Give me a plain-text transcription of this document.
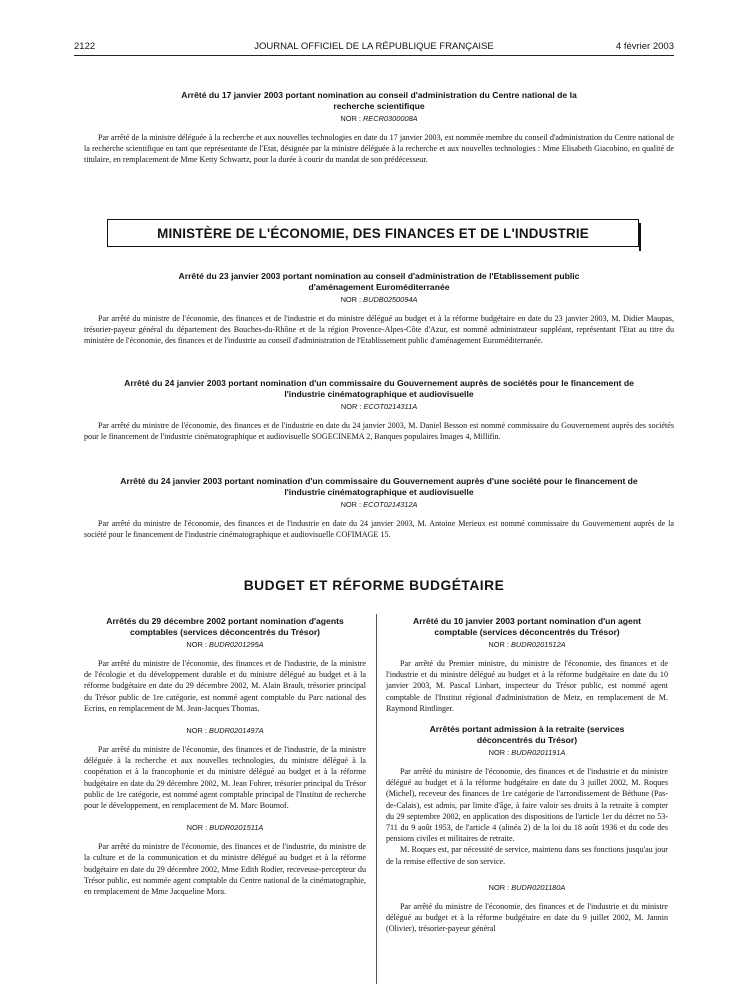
2122	JOURNAL OFFICIEL DE LA RÉPUBLIQUE FRANÇAISE	4 février 2003

Arrêté du 17 janvier 2003 portant nomination au conseil d'administration du Centre national de la recherche scientifique

NOR : RECR0300008A

Par arrêté de la ministre déléguée à la recherche et aux nouvelles technologies en date du 17 janvier 2003, est nommée membre du conseil d'administration du Centre national de la recherche scientifique en tant que représentante de l'Etat, désignée par la ministre déléguée à la recherche et aux nouvelles technologies : Mme Elisabeth Giacobino, en qualité de titulaire, en remplacement de Mme Ketty Schwartz, pour la durée à courir du mandat de son prédécesseur.

MINISTÈRE DE L'ÉCONOMIE, DES FINANCES ET DE L'INDUSTRIE

Arrêté du 23 janvier 2003 portant nomination au conseil d'administration de l'Etablissement public d'aménagement Euroméditerranée

NOR : BUDB0250094A

Par arrêté du ministre de l'économie, des finances et de l'industrie et du ministre délégué au budget et à la réforme budgétaire en date du 23 janvier 2003, M. Didier Maupas, trésorier-payeur général du département des Bouches-du-Rhône et de la région Provence-Alpes-Côte d'Azur, est nommé administrateur suppléant, représentant l'Etat au titre du ministère de l'économie, des finances et de l'industrie au conseil d'administration de l'Etablissement public d'aménagement Euroméditerranée.

Arrêté du 24 janvier 2003 portant nomination d'un commissaire du Gouvernement auprès de sociétés pour le financement de l'industrie cinématographique et audiovisuelle

NOR : ECOT0214311A

Par arrêté du ministre de l'économie, des finances et de l'industrie en date du 24 janvier 2003, M. Daniel Besson est nommé commissaire du Gouvernement auprès des sociétés pour le financement de l'industrie cinématographique et audiovisuelle SOGECINEMA 2, Banques populaires Images 4, Millifin.

Arrêté du 24 janvier 2003 portant nomination d'un commissaire du Gouvernement auprès d'une société pour le financement de l'industrie cinématographique et audiovisuelle

NOR : ECOT0214312A

Par arrêté du ministre de l'économie, des finances et de l'industrie en date du 24 janvier 2003, M. Antoine Merieux est nommé commissaire du Gouvernement auprès de la société pour le financement de l'industrie cinématographique et audiovisuelle COFIMAGE 15.

BUDGET ET RÉFORME BUDGÉTAIRE

Arrêtés du 29 décembre 2002 portant nomination d'agents comptables (services déconcentrés du Trésor)

NOR : BUDR0201295A

Par arrêté du ministre de l'économie, des finances et de l'industrie, de la ministre de l'écologie et du développement durable et du ministre délégué au budget et à la réforme budgétaire en date du 29 décembre 2002, M. Alain Brault, trésorier principal du Trésor public de 1re catégorie, est nommé agent comptable du Parc national des Ecrins, en remplacement de M. Jean-Jacques Thomas.

NOR : BUDR0201497A

Par arrêté du ministre de l'économie, des finances et de l'industrie, de la ministre déléguée à la recherche et aux nouvelles technologies, du ministre délégué à la coopération et à la francophonie et du ministre délégué au budget et à la réforme budgétaire en date du 29 décembre 2002, M. Jean Fohrer, trésorier principal du Trésor public de 1re catégorie, est nommé agent comptable principal de l'Institut de recherche pour le développement, en remplacement de M. Marc Bournof.

NOR : BUDR0201511A

Par arrêté du ministre de l'économie, des finances et de l'industrie, du ministre de la culture et de la communication et du ministre délégué au budget et à la réforme budgétaire en date du 29 décembre 2002, Mme Edith Rodier, receveuse-percepteur du Trésor public, est nommée agent comptable du Centre national de la cinématographie, en remplacement de Mme Jacqueline Mora.

Arrêté du 10 janvier 2003 portant nomination d'un agent comptable (services déconcentrés du Trésor)

NOR : BUDR0201512A

Par arrêté du Premier ministre, du ministre de l'économie, des finances et de l'industrie et du ministre délégué au budget et à la réforme budgétaire en date du 10 janvier 2003, M. Pascal Linbart, inspecteur du Trésor public, est nommé agent comptable de l'Institut régional d'administration de Metz, en remplacement de M. Raymond Rintlinger.

Arrêtés portant admission à la retraite (services déconcentrés du Trésor)

NOR : BUDR0201191A

Par arrêté du ministre de l'économie, des finances et de l'industrie et du ministre délégué au budget et à la réforme budgétaire en date du 3 juillet 2002, M. Roques (Michel), receveur des finances de 1re catégorie de l'arrondissement de Béthune (Pas-de-Calais), est admis, par limite d'âge, à faire valoir ses droits à la retraite à compter du 29 septembre 2002, en application des dispositions de l'article 1er du décret no 53-711 du 9 août 1953, de l'article 4 (alinéa 2) de la loi du 18 août 1936 et du code des pensions civiles et militaires de retraite.

M. Roques est, par nécessité de service, maintenu dans ses fonctions jusqu'au jour de la remise effective de son service.

NOR : BUDR0201180A

Par arrêté du ministre de l'économie, des finances et de l'industrie et du ministre délégué au budget et à la réforme budgétaire en date du 9 juillet 2002, M. Jannin (Olivier), trésorier-payeur général
